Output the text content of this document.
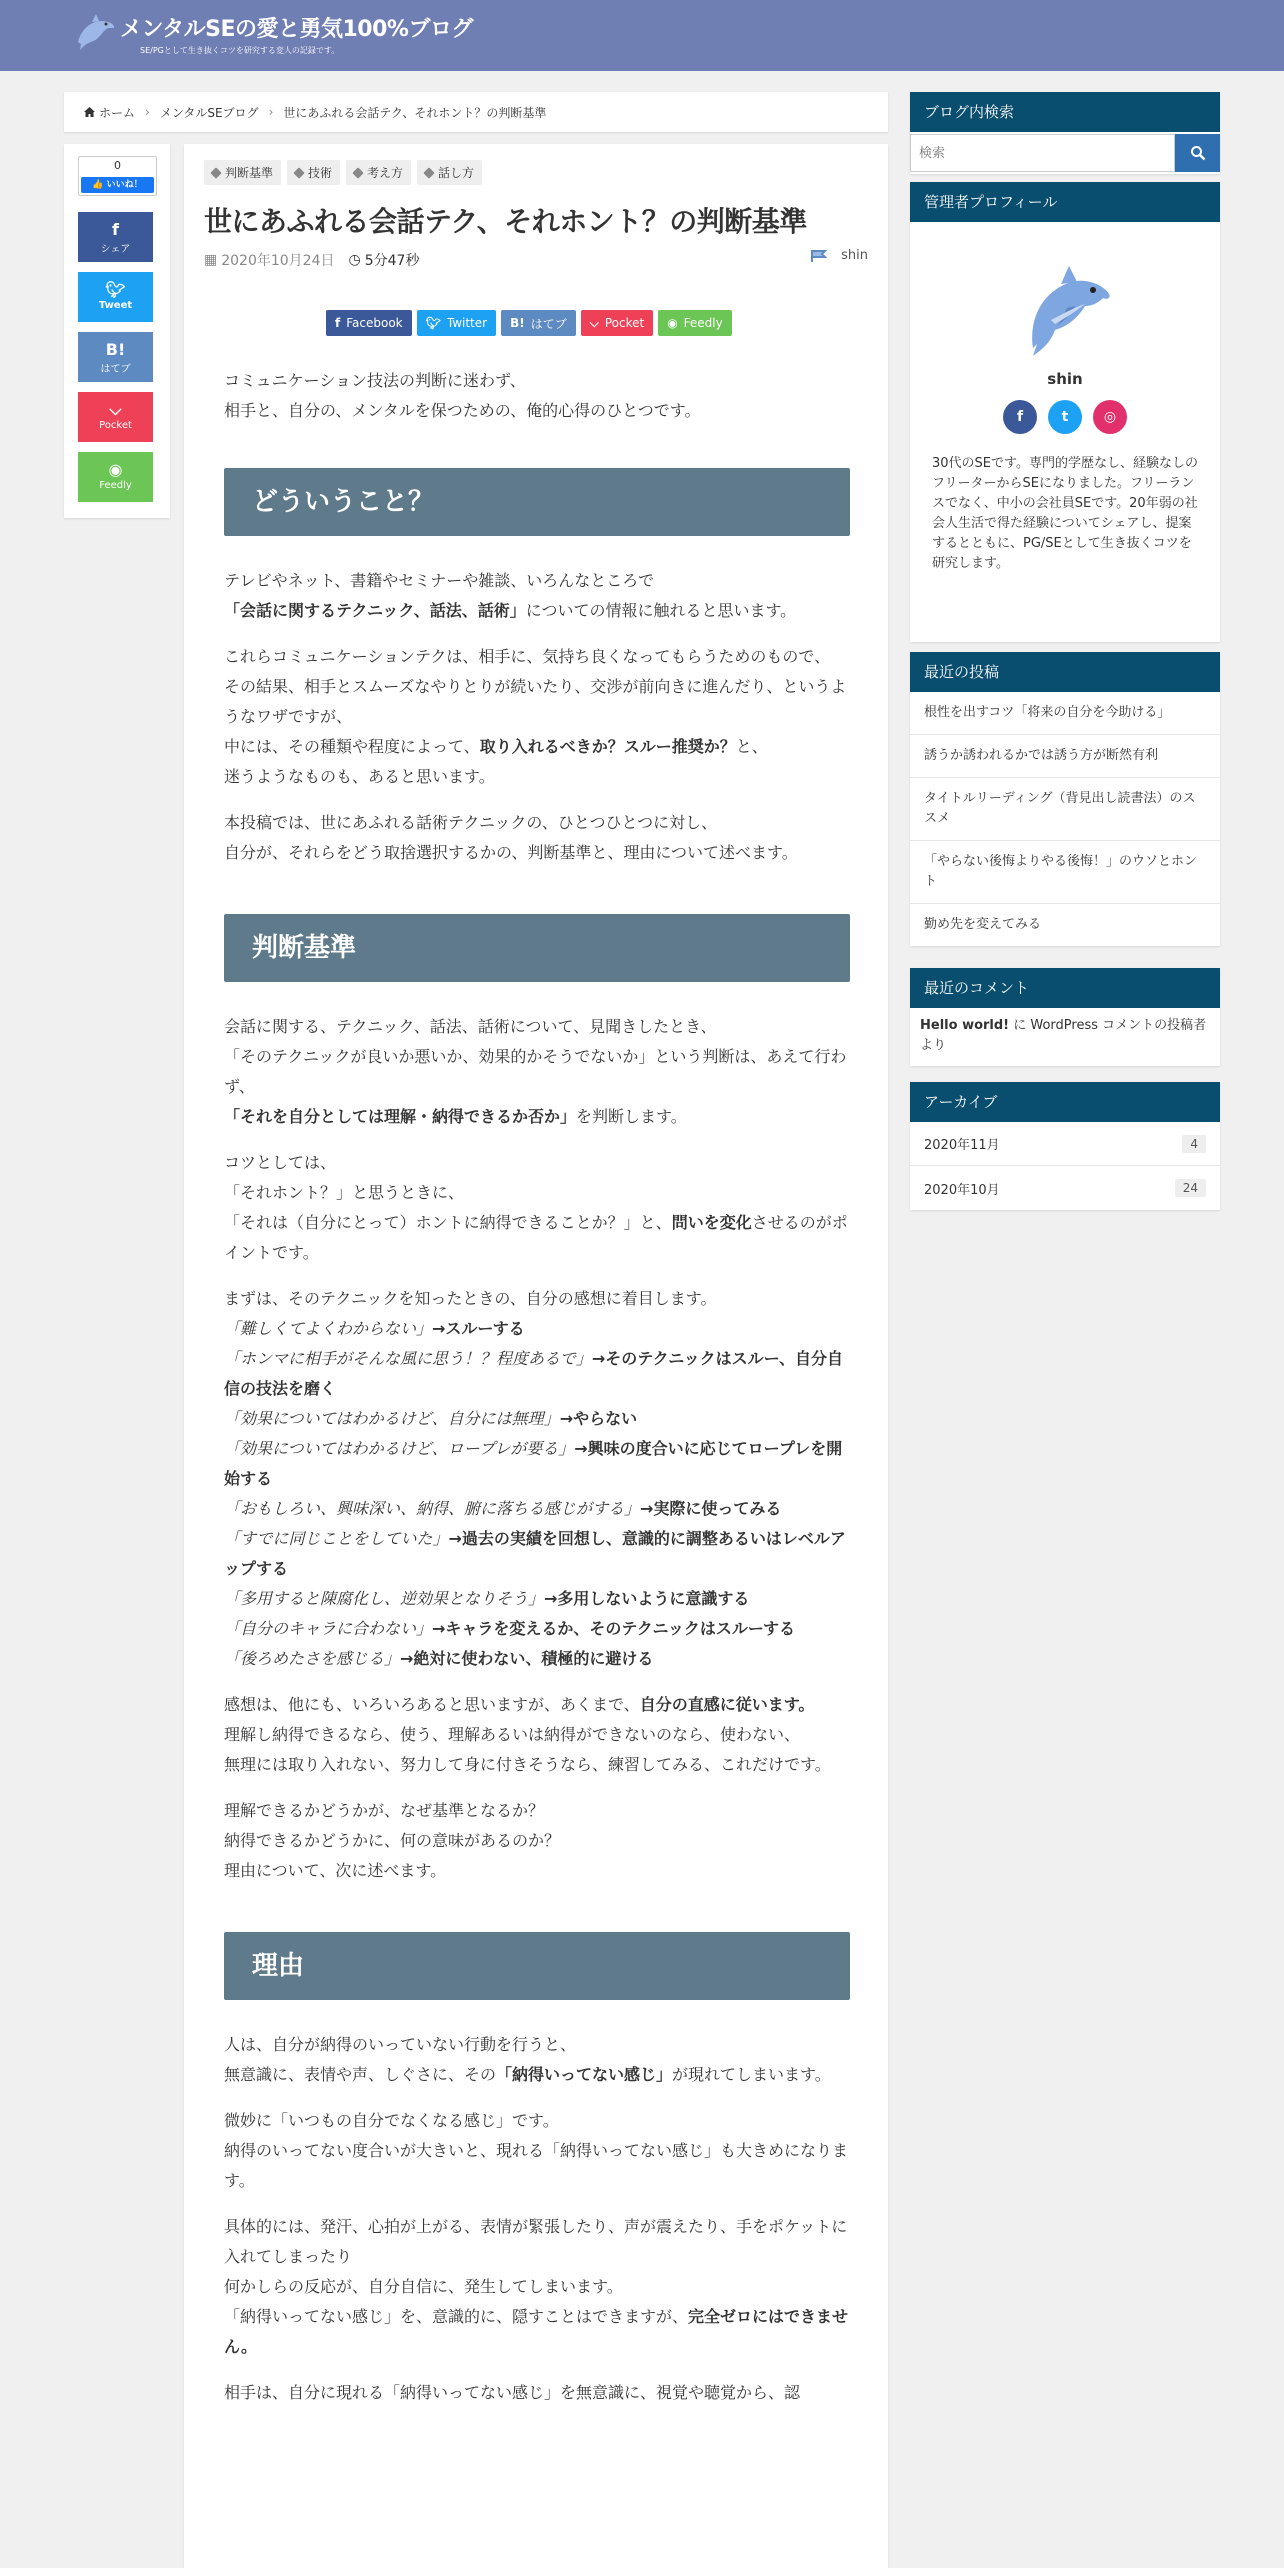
メンタルSEの愛と勇気100%ブログ
SE/PGとして生き抜くコツを研究する変人の記録です。
ホーム › メンタルSEブログ › 世にあふれる会話テク、それホント？の判断基準
0
👍 いいね！
f
シェア
🐦︎
Tweet
B!
はてブ
⌵
Pocket
◉
Feedly
判断基準	技術	考え方	話し方
世にあふれる会話テク、それホント？の判断基準
▦ 2020年10月24日 ◷ 5分47秒	shin
f Facebook 🐦︎ Twitter B! はてブ ⌵ Pocket ◉ Feedly

コミュニケーション技法の判断に迷わず、
相手と、自分の、メンタルを保つための、俺的心得のひとつです。

どういうこと？

テレビやネット、書籍やセミナーや雑談、いろんなところで
「会話に関するテクニック、話法、話術」についての情報に触れると思います。

これらコミュニケーションテクは、相手に、気持ち良くなってもらうためのもので、
その結果、相手とスムーズなやりとりが続いたり、交渉が前向きに進んだり、というようなワザですが、
中には、その種類や程度によって、取り入れるべきか？スルー推奨か？と、
迷うようなものも、あると思います。

本投稿では、世にあふれる話術テクニックの、ひとつひとつに対し、
自分が、それらをどう取捨選択するかの、判断基準と、理由について述べます。

判断基準

会話に関する、テクニック、話法、話術について、見聞きしたとき、
「そのテクニックが良いか悪いか、効果的かそうでないか」という判断は、あえて行わず、
「それを自分としては理解・納得できるか否か」を判断します。

コツとしては、
「それホント？」と思うときに、
「それは（自分にとって）ホントに納得できることか？」と、問いを変化させるのがポイントです。

まずは、そのテクニックを知ったときの、自分の感想に着目します。
「難しくてよくわからない」→スルーする
「ホンマに相手がそんな風に思う！？程度あるで」→そのテクニックはスルー、自分自信の技法を磨く
「効果についてはわかるけど、自分には無理」→やらない
「効果についてはわかるけど、ロープレが要る」→興味の度合いに応じてロープレを開始する
「おもしろい、興味深い、納得、腑に落ちる感じがする」→実際に使ってみる
「すでに同じことをしていた」→過去の実績を回想し、意識的に調整あるいはレベルアップする
「多用すると陳腐化し、逆効果となりそう」→多用しないように意識する
「自分のキャラに合わない」→キャラを変えるか、そのテクニックはスルーする
「後ろめたさを感じる」→絶対に使わない、積極的に避ける

感想は、他にも、いろいろあると思いますが、あくまで、自分の直感に従います。
理解し納得できるなら、使う、理解あるいは納得ができないのなら、使わない、
無理には取り入れない、努力して身に付きそうなら、練習してみる、これだけです。

理解できるかどうかが、なぜ基準となるか？
納得できるかどうかに、何の意味があるのか？
理由について、次に述べます。

理由

人は、自分が納得のいっていない行動を行うと、
無意識に、表情や声、しぐさに、その「納得いってない感じ」が現れてしまいます。

微妙に「いつもの自分でなくなる感じ」です。
納得のいってない度合いが大きいと、現れる「納得いってない感じ」も大きめになります。

具体的には、発汗、心拍が上がる、表情が緊張したり、声が震えたり、手をポケットに入れてしまったり
何かしらの反応が、自分自信に、発生してしまいます。
「納得いってない感じ」を、意識的に、隠すことはできますが、完全ゼロにはできません。

相手は、自分に現れる「納得いってない感じ」を無意識に、視覚や聴覚から、認

ブログ内検索
検索
管理者プロフィール
shin
f	t	◎
30代のSEです。専門的学歴なし、経験なしのフリーターからSEになりました。フリーランスでなく、中小の会社員SEです。20年弱の社会人生活で得た経験についてシェアし、提案するとともに、PG/SEとして生き抜くコツを研究します。
最近の投稿
根性を出すコツ「将来の自分を今助ける」
誘うか誘われるかでは誘う方が断然有利
タイトルリーディング（背見出し読書法）のススメ
「やらない後悔よりやる後悔！」のウソとホント
勤め先を変えてみる
最近のコメント
Hello world! に WordPress コメントの投稿者 より
アーカイブ
2020年11月	4
2020年10月	24
